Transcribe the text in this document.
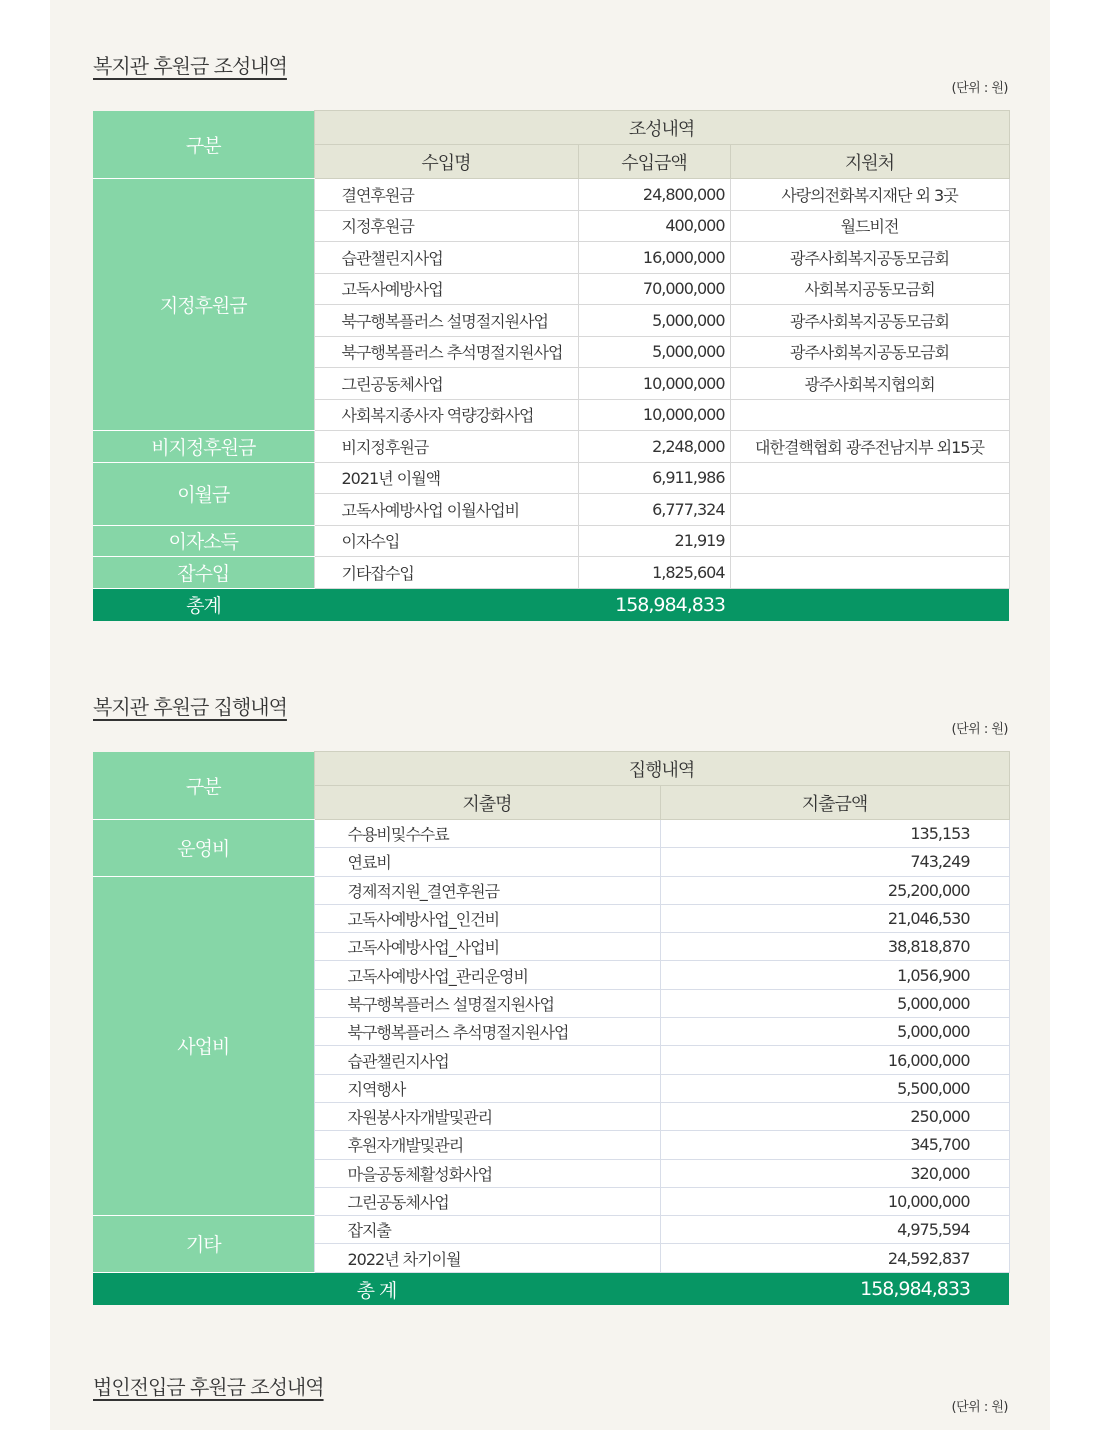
복지관 후원금 조성내역
(단위 : 원)
구분	조성내역		
	수입명	수입금액	지원처
지정후원금	결연후원금	24,800,000	사랑의전화복지재단 외 3곳
	지정후원금	400,000	월드비전
	습관챌린지사업	16,000,000	광주사회복지공동모금회
	고독사예방사업	70,000,000	사회복지공동모금회
	북구행복플러스 설명절지원사업	5,000,000	광주사회복지공동모금회
	북구행복플러스 추석명절지원사업	5,000,000	광주사회복지공동모금회
	그린공동체사업	10,000,000	광주사회복지협의회
	사회복지종사자 역량강화사업	10,000,000	
비지정후원금	비지정후원금	2,248,000	대한결핵협회 광주전남지부 외15곳
이월금	2021년 이월액	6,911,986	
	고독사예방사업 이월사업비	6,777,324	
이자소득	이자수입	21,919	
잡수입	기타잡수입	1,825,604	
총계	158,984,833		
복지관 후원금 집행내역
(단위 : 원)
구분	집행내역	
	지출명	지출금액
운영비	수용비및수수료	135,153
	연료비	743,249
사업비	경제적지원_결연후원금	25,200,000
	고독사예방사업_인건비	21,046,530
	고독사예방사업_사업비	38,818,870
	고독사예방사업_관리운영비	1,056,900
	북구행복플러스 설명절지원사업	5,000,000
	북구행복플러스 추석명절지원사업	5,000,000
	습관챌린지사업	16,000,000
	지역행사	5,500,000
	자원봉사자개발및관리	250,000
	후원자개발및관리	345,700
	마을공동체활성화사업	320,000
	그린공동체사업	10,000,000
기타	잡지출	4,975,594
	2022년 차기이월	24,592,837
총 계		158,984,833
법인전입금 후원금 조성내역
(단위 : 원)
